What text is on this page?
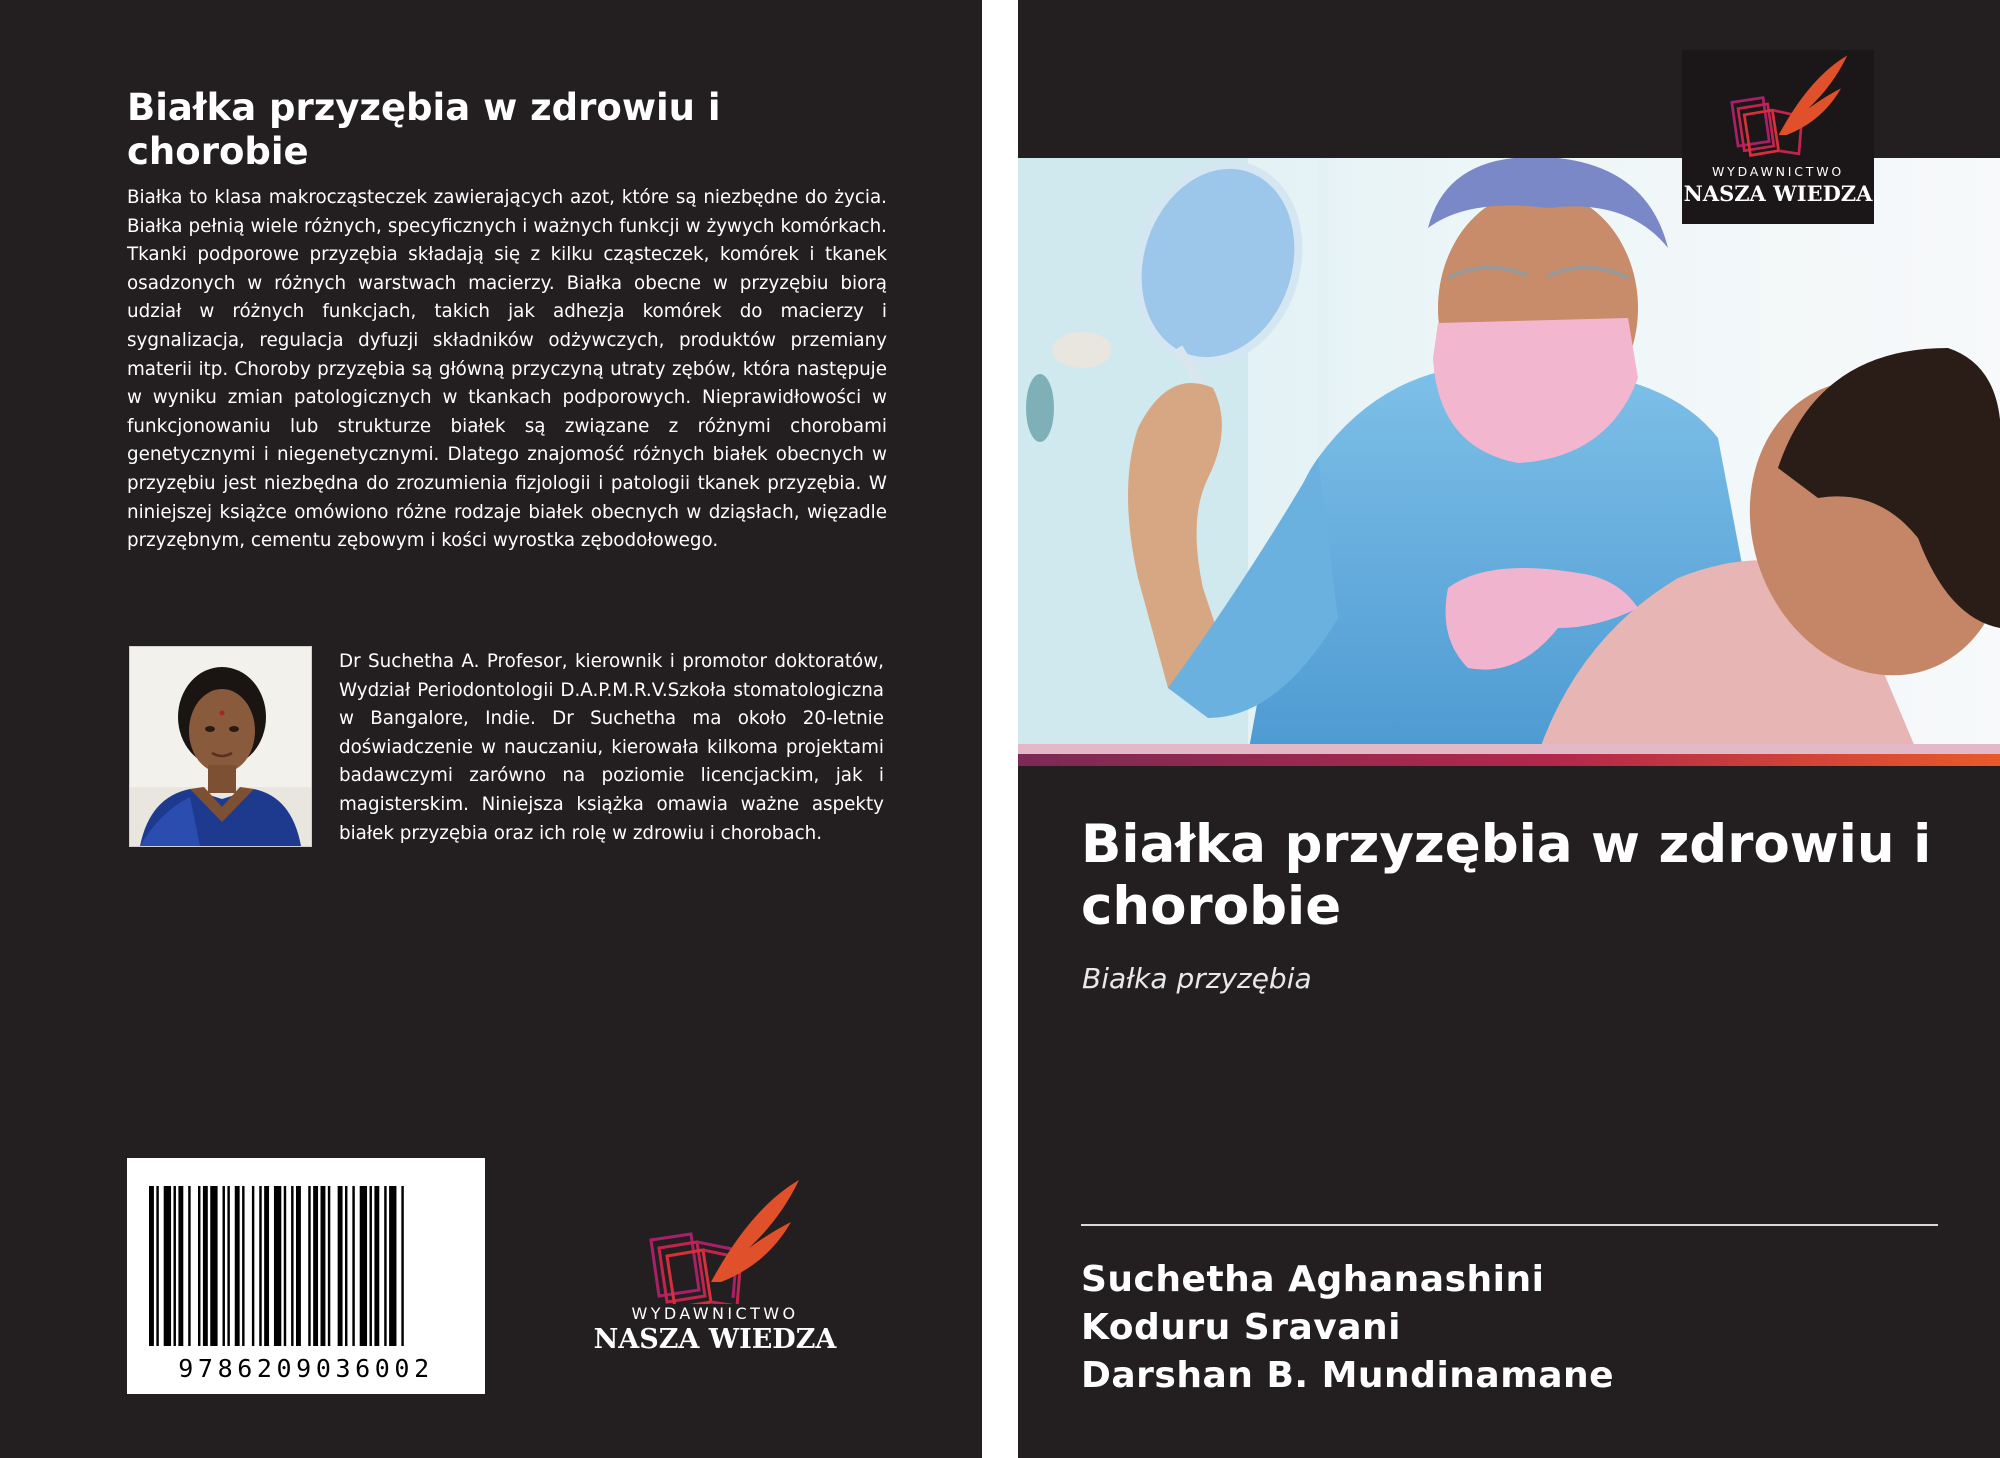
Białka przyzębia w zdrowiu i chorobie

Białka to klasa makrocząsteczek zawierających azot, które są niezbędne do życia. Białka pełnią wiele różnych, specyficznych i ważnych funkcji w żywych komórkach. Tkanki podporowe przyzębia składają się z kilku cząsteczek, komórek i tkanek osadzonych w różnych warstwach macierzy. Białka obecne w przyzębiu biorą udział w różnych funkcjach, takich jak adhezja komórek do macierzy i sygnalizacja, regulacja dyfuzji składników odżywczych, produktów przemiany materii itp. Choroby przyzębia są główną przyczyną utraty zębów, która następuje w wyniku zmian patologicznych w tkankach podporowych. Nieprawidłowości w funkcjonowaniu lub strukturze białek są związane z różnymi chorobami genetycznymi i niegenetycznymi. Dlatego znajomość różnych białek obecnych w przyzębiu jest niezbędna do zrozumienia fizjologii i patologii tkanek przyzębia. W niniejszej książce omówiono różne rodzaje białek obecnych w dziąsłach, więzadle przyzębnym, cementu zębowym i kości wyrostka zębodołowego.

Dr Suchetha A. Profesor, kierownik i promotor doktoratów, Wydział Periodontologii D.A.P.M.R.V.Szkoła stomatologiczna w Bangalore, Indie. Dr Suchetha ma około 20-letnie doświadczenie w nauczaniu, kierowała kilkoma projektami badawczymi zarówno na poziomie licencjackim, jak i magisterskim. Niniejsza książka omawia ważne aspekty białek przyzębia oraz ich rolę w zdrowiu i chorobach.

9786209036002
WYDAWNICTWO
NASZA WIEDZA
WYDAWNICTWO
NASZA WIEDZA
Białka przyzębia w zdrowiu i chorobie
Białka przyzębia
Suchetha Aghanashini
Koduru Sravani
Darshan B. Mundinamane
